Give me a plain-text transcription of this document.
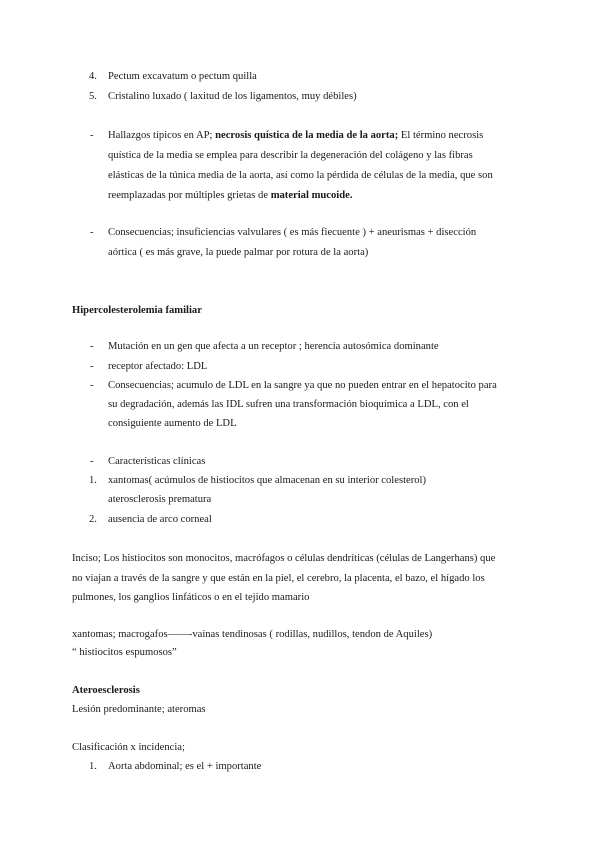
4. Pectum excavatum o pectum quilla
5. Cristalino luxado ( laxitud de los ligamentos, muy débiles)
- Hallazgos típicos en AP; necrosis quística de la media de la aorta; El término necrosis
quística de la media se emplea para describir la degeneración del colágeno y las fibras
elásticas de la túnica media de la aorta, así como la pérdida de células de la media, que son
reemplazadas por múltiples grietas de material mucoide.
- Consecuencias; insuficiencias valvulares ( es más fiecuente ) + aneurismas + disección
aórtica ( es más grave, la puede palmar por rotura de la aorta)
Hipercolesterolemia familiar
- Mutación en un gen que afecta a un receptor ; herencia autosómica dominante
- receptor afectado: LDL
- Consecuencias; acumulo de LDL en la sangre ya que no pueden entrar en el hepatocito para
su degradación, además las IDL sufren una transformación bioquímica a LDL, con el
consiguiente aumento de LDL
- Características clínicas
1. xantomas( acúmulos de histiocitos que almacenan en su interior colesterol)
aterosclerosis prematura
2. ausencia de arco corneal
Inciso; Los histiocitos son monocitos, macrófagos o células dendríticas (células de Langerhans) que
no viajan a través de la sangre y que están en la piel, el cerebro, la placenta, el bazo, el hígado los
pulmones, los ganglios linfáticos o en el tejido mamario
xantomas; macrogafos——-vainas tendinosas ( rodillas, nudillos, tendon de Aquiles)
“ histiocitos espumosos”
Ateroesclerosis
Lesión predominante; ateromas
Clasificación x incidencia;
1. Aorta abdominal; es el + importante
